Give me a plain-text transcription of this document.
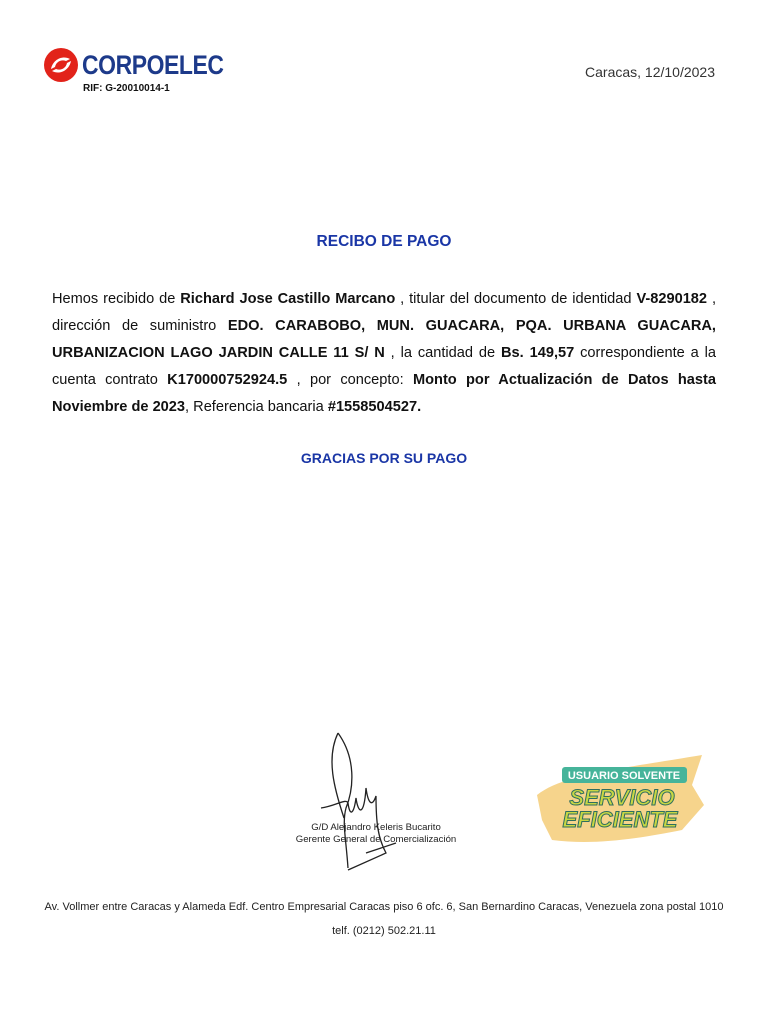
CORPOELEC
RIF: G-20010014-1
Caracas, 12/10/2023
RECIBO DE PAGO
Hemos recibido de Richard Jose Castillo Marcano , titular del documento de identidad V-8290182 , dirección de suministro EDO. CARABOBO, MUN. GUACARA, PQA. URBANA GUACARA, URBANIZACION LAGO JARDIN CALLE 11 S/ N , la cantidad de Bs. 149,57 correspondiente a la cuenta contrato K170000752924.5 , por concepto: Monto por Actualización de Datos hasta Noviembre de 2023, Referencia bancaria #1558504527.
GRACIAS POR SU PAGO
G/D Alejandro Keleris Bucarito
Gerente General de Comercialización
USUARIO SOLVENTE
SERVICIO
EFICIENTE
Av. Vollmer entre Caracas y Alameda Edf. Centro Empresarial Caracas piso 6 ofc. 6, San Bernardino Caracas, Venezuela zona postal 1010 telf. (0212) 502.21.11
